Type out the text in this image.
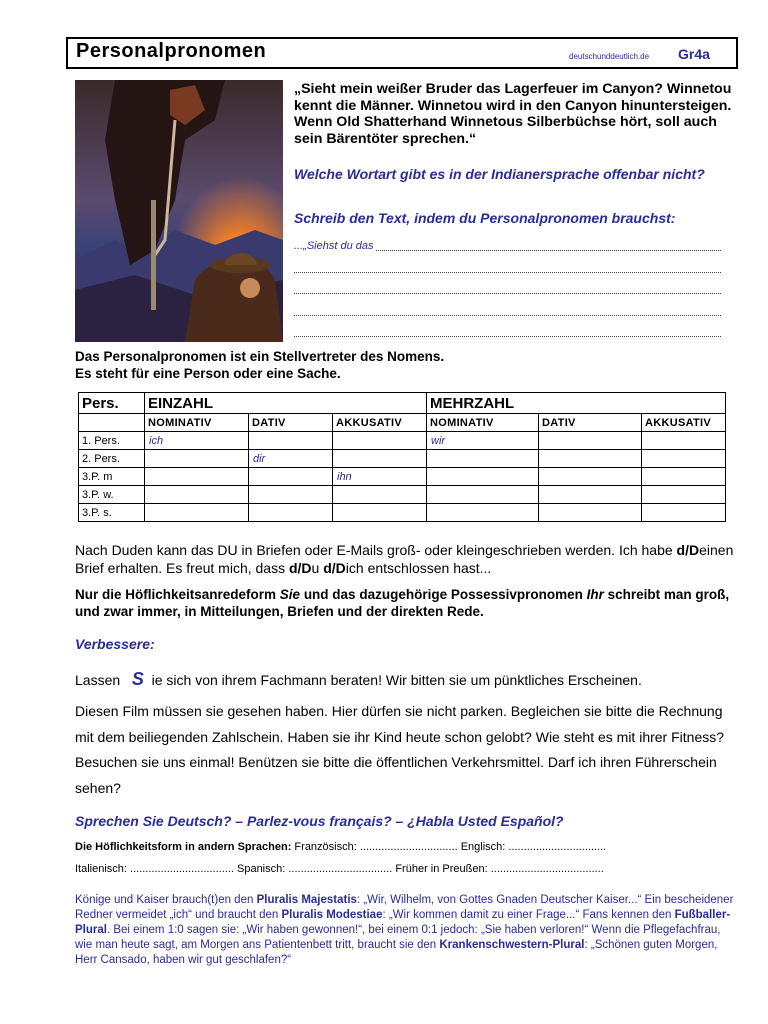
Personalpronomen	deutschunddeutlich.de Gr4a
„Sieht mein weißer Bruder das Lagerfeuer im Canyon? Winnetou kennt die Männer. Winnetou wird in den Canyon hinuntersteigen. Wenn Old Shatterhand Winnetous Silberbüchse hört, soll auch sein Bärentöter sprechen.“
Welche Wortart gibt es in der Indianersprache offenbar nicht?
Schreib den Text, indem du Personalpronomen brauchst:
...„Siehst du das
Das Personalpronomen ist ein Stellvertreter des Nomens.
Es steht für eine Person oder eine Sache.
Pers.	EINZAHL			MEHRZAHL		
	NOMINATIV	DATIV	AKKUSATIV	NOMINATIV	DATIV	AKKUSATIV
1. Pers.	ich			wir		
2. Pers.		dir				
3.P. m			ihn			
3.P. w.						
3.P. s.						
Nach Duden kann das DU in Briefen oder E-Mails groß- oder kleingeschrieben werden. Ich habe d/Deinen Brief erhalten. Es freut mich, dass d/Du d/Dich entschlossen hast...
Nur die Höflichkeitsanredeform Sie und das dazugehörige Possessivpronomen Ihr schreibt man groß, und zwar immer, in Mitteilungen, Briefen und der direkten Rede.
Verbessere:
Lassen S ie sich von ihrem Fachmann beraten! Wir bitten sie um pünktliches Erscheinen.
Diesen Film müssen sie gesehen haben. Hier dürfen sie nicht parken. Begleichen sie bitte die Rechnung mit dem beiliegenden Zahlschein. Haben sie ihr Kind heute schon gelobt? Wie steht es mit ihrer Fitness? Besuchen sie uns einmal! Benützen sie bitte die öffentlichen Verkehrsmittel. Darf ich ihren Führerschein sehen?
Sprechen Sie Deutsch? – Parlez-vous français? – ¿Habla Usted Español?
Die Höflichkeitsform in andern Sprachen: Französisch: ................................ Englisch: ................................
Italienisch: .................................. Spanisch: .................................. Früher in Preußen: .....................................
Könige und Kaiser brauch(t)en den Pluralis Majestatis: „Wir, Wilhelm, von Gottes Gnaden Deutscher Kaiser...“ Ein bescheidener Redner vermeidet „ich“ und braucht den Pluralis Modestiae: „Wir kommen damit zu einer Frage...“ Fans kennen den Fußballer-Plural. Bei einem 1:0 sagen sie: „Wir haben gewonnen!“, bei einem 0:1 jedoch: „Sie haben verloren!“ Wenn die Pflegefachfrau, wie man heute sagt, am Morgen ans Patientenbett tritt, braucht sie den Krankenschwestern-Plural: „Schönen guten Morgen, Herr Cansado, haben wir gut geschlafen?“
